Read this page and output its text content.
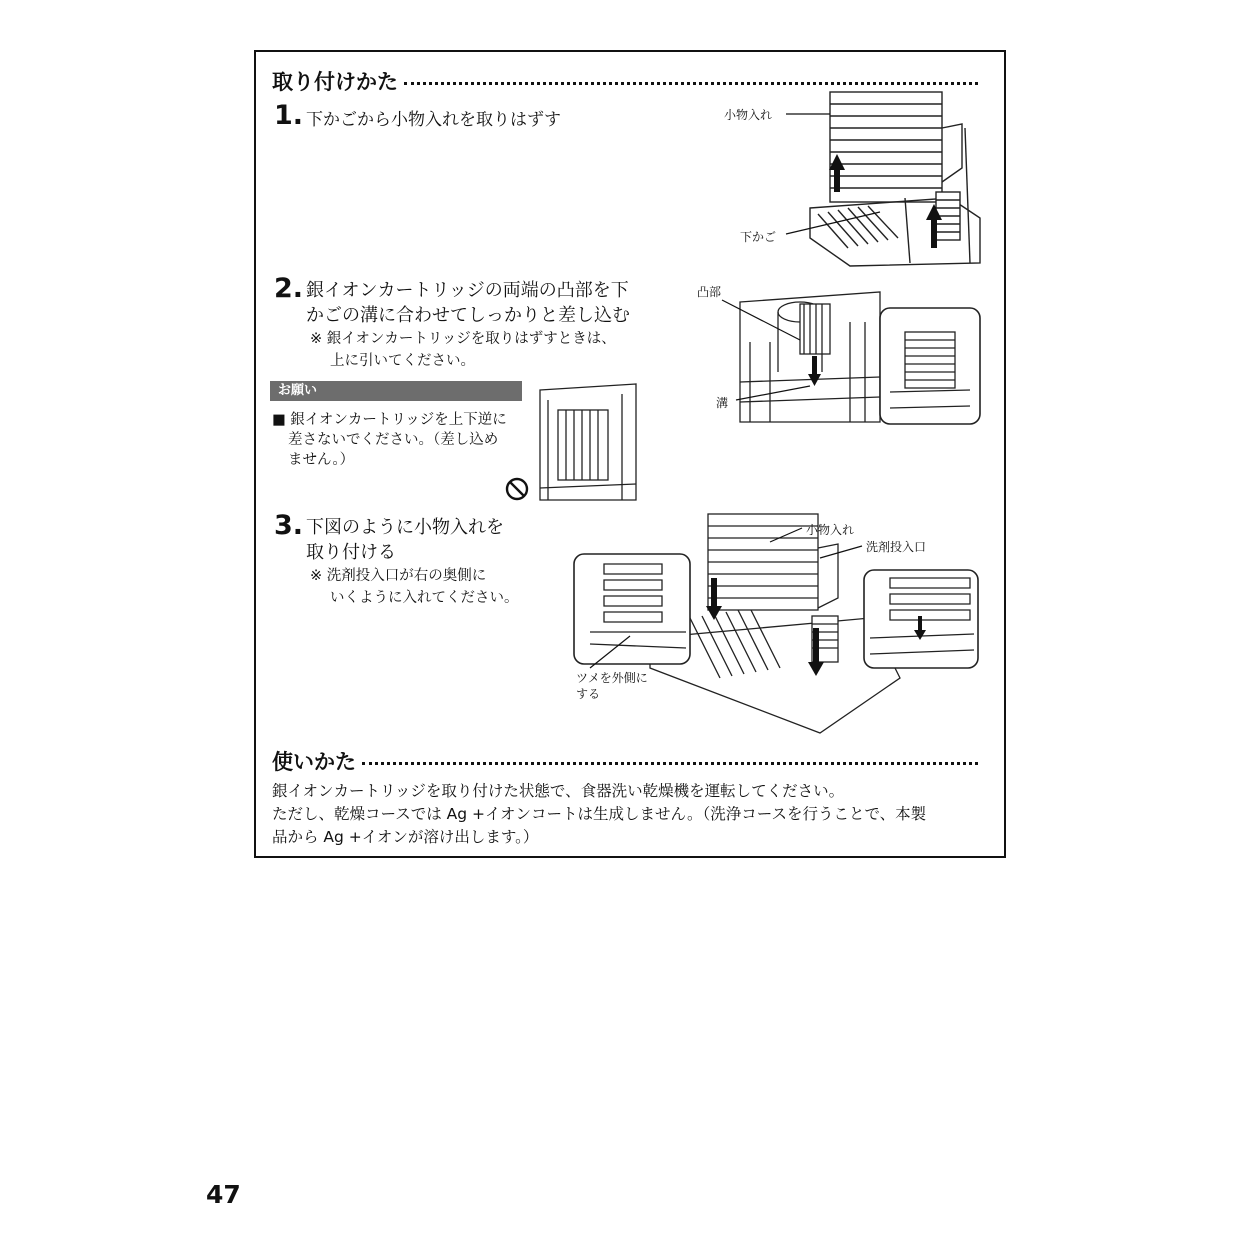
取り付けかた
1. 下かごから小物入れを取りはずす	小物入れ
下かご
2. 銀イオンカートリッジの両端の凸部を下
かごの溝に合わせてしっかりと差し込む
※ 銀イオンカートリッジを取りはずすときは、
上に引いてください。
凸部
溝
お願い
■ 銀イオンカートリッジを上下逆に
差さないでください。（差し込め
ません。）
3. 下図のように小物入れを
取り付ける
※ 洗剤投入口が右の奥側に
いくように入れてください。
小物入れ
洗剤投入口
ツメを外側に
する
使いかた
銀イオンカートリッジを取り付けた状態で、食器洗い乾燥機を運転してください。
ただし、乾燥コースでは Ag +イオンコートは生成しません。（洗浄コースを行うことで、本製
品から Ag +イオンが溶け出します。）
47
